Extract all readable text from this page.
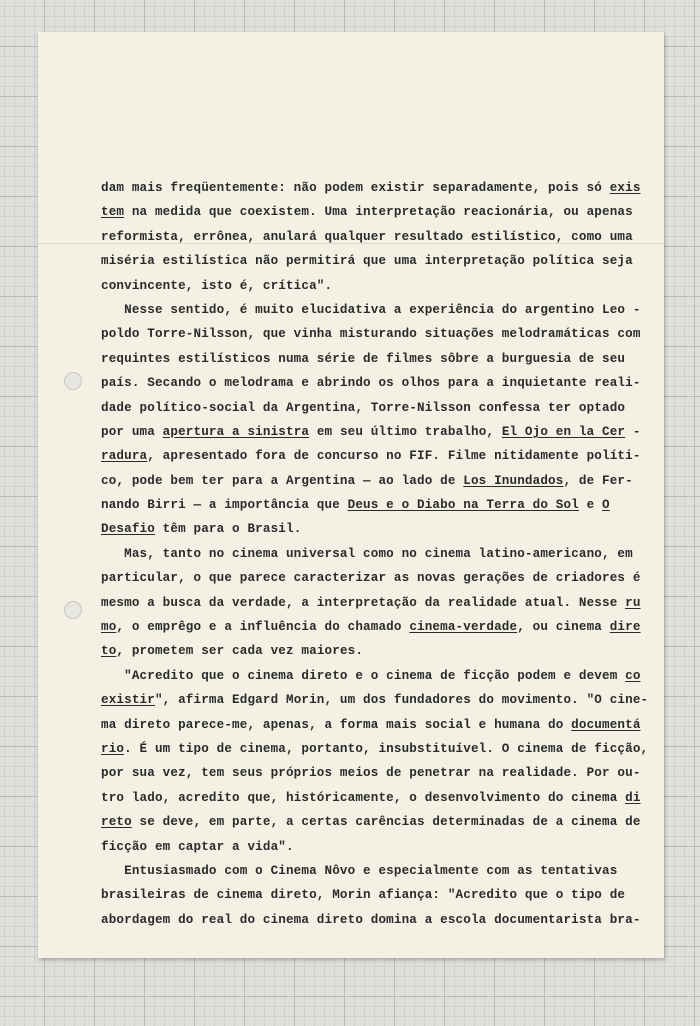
dam mais freqüentemente: não podem existir separadamente, pois só exis
tem na medida que coexistem. Uma interpretação reacionária, ou apenas
reformista, errônea, anulará qualquer resultado estilístico, como uma
miséria estilística não permitirá que uma interpretação política seja
convincente, isto é, crítica".
Nesse sentido, é muito elucidativa a experiência do argentino Leo -
poldo Torre-Nilsson, que vinha misturando situações melodramáticas com
requintes estilísticos numa série de filmes sôbre a burguesia de seu
país. Secando o melodrama e abrindo os olhos para a inquietante reali-
dade político-social da Argentina, Torre-Nilsson confessa ter optado
por uma apertura a sinistra em seu último trabalho, El Ojo en la Cer -
radura, apresentado fora de concurso no FIF. Filme nitidamente políti-
co, pode bem ter para a Argentina — ao lado de Los Inundados, de Fer-
nando Birri — a importância que Deus e o Diabo na Terra do Sol e O
Desafio têm para o Brasil.
Mas, tanto no cinema universal como no cinema latino-americano, em
particular, o que parece caracterizar as novas gerações de criadores é
mesmo a busca da verdade, a interpretação da realidade atual. Nesse ru
mo, o emprêgo e a influência do chamado cinema-verdade, ou cinema dire
to, prometem ser cada vez maiores.
"Acredito que o cinema direto e o cinema de ficção podem e devem co
existir", afirma Edgard Morin, um dos fundadores do movimento. "O cine-
ma direto parece-me, apenas, a forma mais social e humana do documentá
rio. É um tipo de cinema, portanto, insubstituível. O cinema de ficção,
por sua vez, tem seus próprios meios de penetrar na realidade. Por ou-
tro lado, acredito que, históricamente, o desenvolvimento do cinema di
reto se deve, em parte, a certas carências determinadas de a cinema de
ficção em captar a vida".
Entusiasmado com o Cinema Nôvo e especialmente com as tentativas
brasileiras de cinema direto, Morin afiança: "Acredito que o tipo de
abordagem do real do cinema direto domina a escola documentarista bra-
